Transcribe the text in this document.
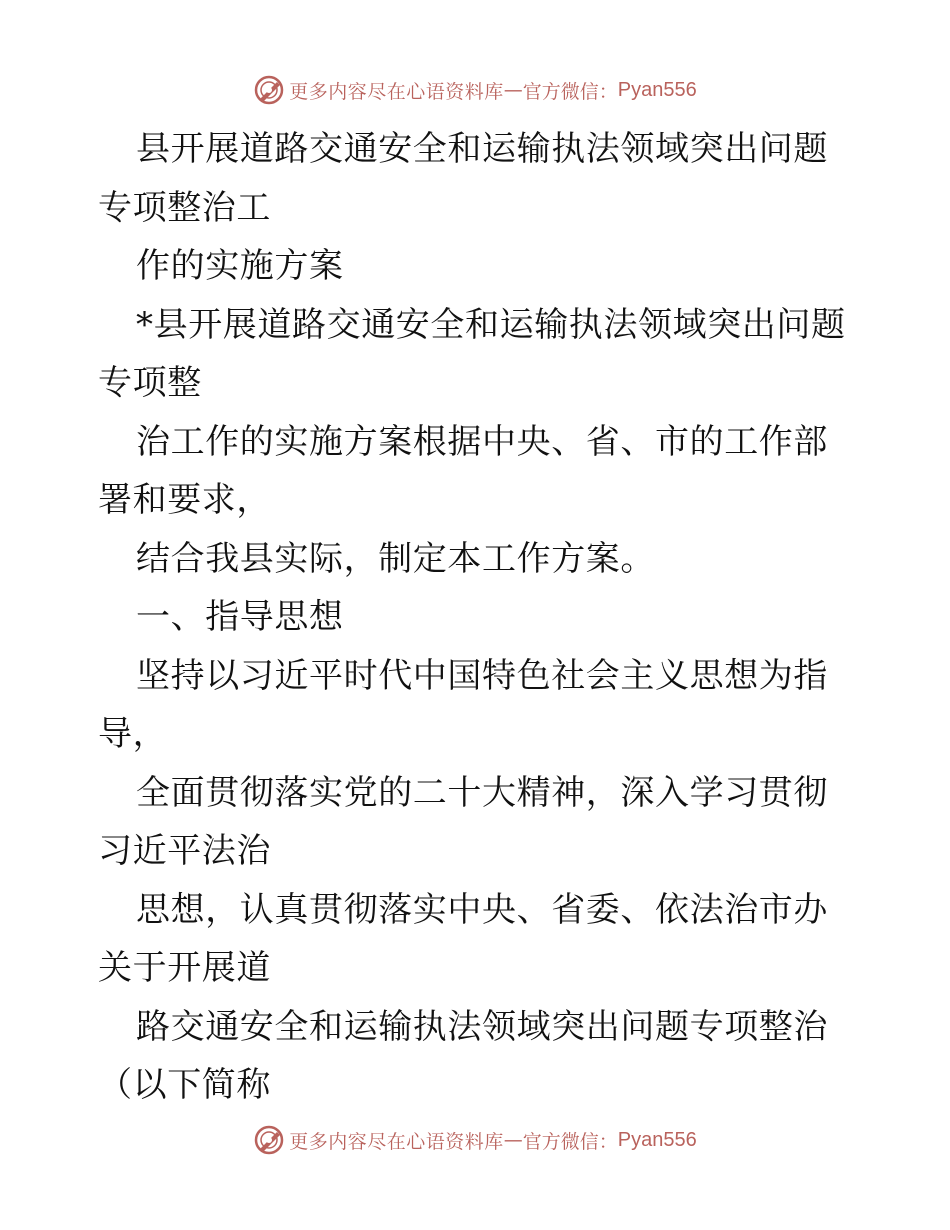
更多内容尽在心语资料库 — 官方微信： Pyan556

县开展道路交通安全和运输执法领域突出问题专项整治工

作的实施方案

*县开展道路交通安全和运输执法领域突出问题专项整

治工作的实施方案根据中央、省、市的工作部署和要求，

结合我县实际，制定本工作方案。

一、指导思想

坚持以习近平时代中国特色社会主义思想为指导，

全面贯彻落实党的二十大精神，深入学习贯彻习近平法治

思想，认真贯彻落实中央、省委、依法治市办关于开展道

路交通安全和运输执法领域突出问题专项整治（以下简称

更多内容尽在心语资料库 — 官方微信： Pyan556
